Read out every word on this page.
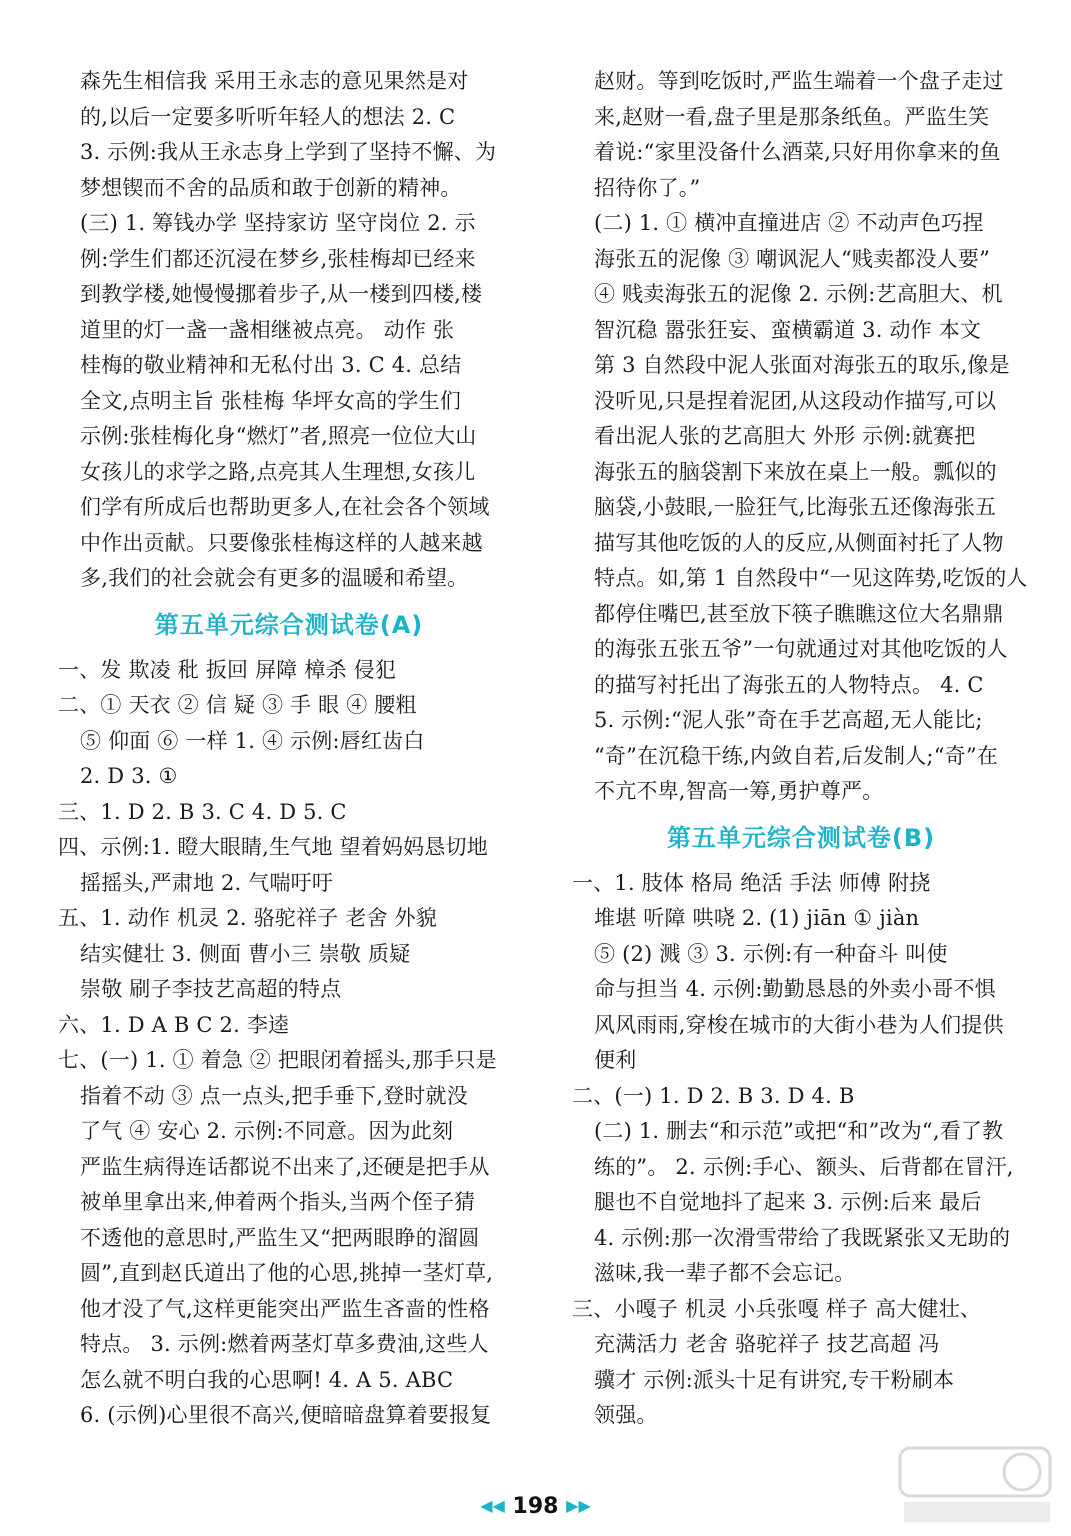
森先生相信我 采用王永志的意见果然是对
的,以后一定要多听听年轻人的想法 2. C
3. 示例:我从王永志身上学到了坚持不懈、为
梦想锲而不舍的品质和敢于创新的精神。
(三) 1. 筹钱办学 坚持家访 坚守岗位 2. 示
例:学生们都还沉浸在梦乡,张桂梅却已经来
到教学楼,她慢慢挪着步子,从一楼到四楼,楼
道里的灯一盏一盏相继被点亮。 动作 张
桂梅的敬业精神和无私付出 3. C 4. 总结
全文,点明主旨 张桂梅 华坪女高的学生们
示例:张桂梅化身“燃灯”者,照亮一位位大山
女孩儿的求学之路,点亮其人生理想,女孩儿
们学有所成后也帮助更多人,在社会各个领域
中作出贡献。只要像张桂梅这样的人越来越
多,我们的社会就会有更多的温暖和希望。
第五单元综合测试卷(A)
一、发 欺凌 秕 扳回 屏障 樟杀 侵犯
二、① 天衣 ② 信 疑 ③ 手 眼 ④ 腰粗
⑤ 仰面 ⑥ 一样 1. ④ 示例:唇红齿白
2. D 3. ①
三、1. D 2. B 3. C 4. D 5. C
四、示例:1. 瞪大眼睛,生气地 望着妈妈恳切地
摇摇头,严肃地 2. 气喘吁吁
五、1. 动作 机灵 2. 骆驼祥子 老舍 外貌
结实健壮 3. 侧面 曹小三 崇敬 质疑
崇敬 刷子李技艺高超的特点
六、1. D A B C 2. 李逵
七、(一) 1. ① 着急 ② 把眼闭着摇头,那手只是
指着不动 ③ 点一点头,把手垂下,登时就没
了气 ④ 安心 2. 示例:不同意。因为此刻
严监生病得连话都说不出来了,还硬是把手从
被单里拿出来,伸着两个指头,当两个侄子猜
不透他的意思时,严监生又“把两眼睁的溜圆
圆”,直到赵氏道出了他的心思,挑掉一茎灯草,
他才没了气,这样更能突出严监生吝啬的性格
特点。 3. 示例:燃着两茎灯草多费油,这些人
怎么就不明白我的心思啊! 4. A 5. ABC
6. (示例)心里很不高兴,便暗暗盘算着要报复
赵财。等到吃饭时,严监生端着一个盘子走过
来,赵财一看,盘子里是那条纸鱼。严监生笑
着说:“家里没备什么酒菜,只好用你拿来的鱼
招待你了。”
(二) 1. ① 横冲直撞进店 ② 不动声色巧捏
海张五的泥像 ③ 嘲讽泥人“贱卖都没人要”
④ 贱卖海张五的泥像 2. 示例:艺高胆大、机
智沉稳 嚣张狂妄、蛮横霸道 3. 动作 本文
第 3 自然段中泥人张面对海张五的取乐,像是
没听见,只是捏着泥团,从这段动作描写,可以
看出泥人张的艺高胆大 外形 示例:就赛把
海张五的脑袋割下来放在桌上一般。瓢似的
脑袋,小鼓眼,一脸狂气,比海张五还像海张五
描写其他吃饭的人的反应,从侧面衬托了人物
特点。如,第 1 自然段中“一见这阵势,吃饭的人
都停住嘴巴,甚至放下筷子瞧瞧这位大名鼎鼎
的海张五张五爷”一句就通过对其他吃饭的人
的描写衬托出了海张五的人物特点。 4. C
5. 示例:“泥人张”奇在手艺高超,无人能比;
“奇”在沉稳干练,内敛自若,后发制人;“奇”在
不亢不卑,智高一筹,勇护尊严。
第五单元综合测试卷(B)
一、1. 肢体 格局 绝活 手法 师傅 附挠
堆堪 听障 哄哓 2. (1) jiān ① jiàn
⑤ (2) 溅 ③ 3. 示例:有一种奋斗 叫使
命与担当 4. 示例:勤勤恳恳的外卖小哥不惧
风风雨雨,穿梭在城市的大街小巷为人们提供
便利
二、(一) 1. D 2. B 3. D 4. B
(二) 1. 删去“和示范”或把“和”改为“,看了教
练的”。 2. 示例:手心、额头、后背都在冒汗,
腿也不自觉地抖了起来 3. 示例:后来 最后
4. 示例:那一次滑雪带给了我既紧张又无助的
滋味,我一辈子都不会忘记。
三、小嘎子 机灵 小兵张嘎 样子 高大健壮、
充满活力 老舍 骆驼祥子 技艺高超 冯
骥才 示例:派头十足有讲究,专干粉刷本
领强。
◀◀ 198 ▶▶
